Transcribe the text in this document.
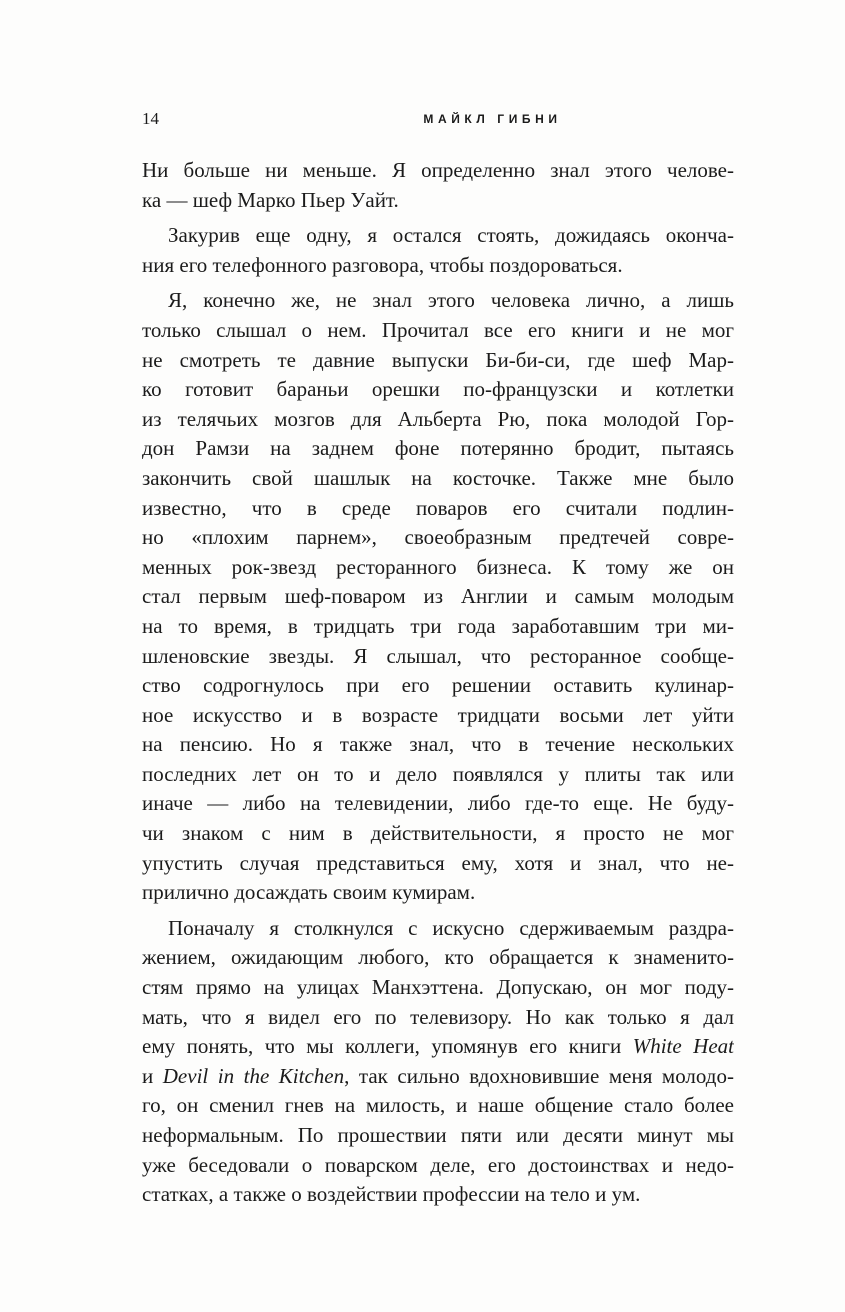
14	МАЙКЛ ГИБНИ
Ни больше ни меньше. Я определенно знал этого челове-
ка — шеф Марко Пьер Уайт.
Закурив еще одну, я остался стоять, дожидаясь оконча-
ния его телефонного разговора, чтобы поздороваться.
Я, конечно же, не знал этого человека лично, а лишь
только слышал о нем. Прочитал все его книги и не мог
не смотреть те давние выпуски Би-би-си, где шеф Мар-
ко готовит бараньи орешки по-французски и котлетки
из телячьих мозгов для Альберта Рю, пока молодой Гор-
дон Рамзи на заднем фоне потерянно бродит, пытаясь
закончить свой шашлык на косточке. Также мне было
известно, что в среде поваров его считали подлин-
но «плохим парнем», своеобразным предтечей совре-
менных рок-звезд ресторанного бизнеса. К тому же он
стал первым шеф-поваром из Англии и самым молодым
на то время, в тридцать три года заработавшим три ми-
шленовские звезды. Я слышал, что ресторанное сообще-
ство содрогнулось при его решении оставить кулинар-
ное искусство и в возрасте тридцати восьми лет уйти
на пенсию. Но я также знал, что в течение нескольких
последних лет он то и дело появлялся у плиты так или
иначе — либо на телевидении, либо где-то еще. Не буду-
чи знаком с ним в действительности, я просто не мог
упустить случая представиться ему, хотя и знал, что не-
прилично досаждать своим кумирам.
Поначалу я столкнулся с искусно сдерживаемым раздра-
жением, ожидающим любого, кто обращается к знаменито-
стям прямо на улицах Манхэттена. Допускаю, он мог поду-
мать, что я видел его по телевизору. Но как только я дал
ему понять, что мы коллеги, упомянув его книги White Heat
и Devil in the Kitchen, так сильно вдохновившие меня молодо-
го, он сменил гнев на милость, и наше общение стало более
неформальным. По прошествии пяти или десяти минут мы
уже беседовали о поварском деле, его достоинствах и недо-
статках, а также о воздействии профессии на тело и ум.
